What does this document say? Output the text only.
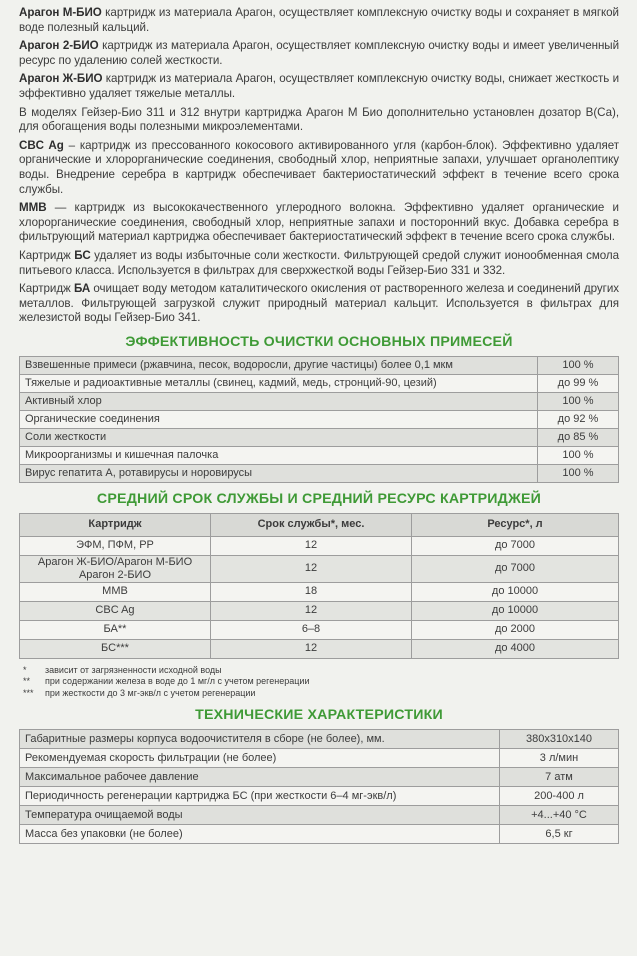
Арагон М-БИО картридж из материала Арагон, осуществляет комплексную очистку воды и сохраняет в мягкой воде полезный кальций.

Арагон 2-БИО картридж из материала Арагон, осуществляет комплексную очистку воды и имеет увеличенный ресурс по удалению солей жесткости.

Арагон Ж-БИО картридж из материала Арагон, осуществляет комплексную очистку воды, снижает жесткость и эффективно удаляет тяжелые металлы.

В моделях Гейзер-Био 311 и 312 внутри картриджа Арагон М Био дополнительно установлен дозатор В(Са), для обогащения воды полезными микроэлементами.

CBC Ag – картридж из прессованного кокосового активированного угля (карбон-блок). Эффективно удаляет органические и хлорорганические соединения, свободный хлор, неприятные запахи, улучшает органолептику воды. Внедрение серебра в картридж обеспечивает бактериостатический эффект в течение всего срока службы.

ММВ — картридж из высококачественного углеродного волокна. Эффективно удаляет органические и хлорорганические соединения, свободный хлор, неприятные запахи и посторонний вкус. Добавка серебра в фильтрующий материал картриджа обеспечивает бактериостатический эффект в течение всего срока службы.

Картридж БС удаляет из воды избыточные соли жесткости. Фильтрующей средой служит ионообменная смола питьевого класса. Используется в фильтрах для сверхжесткой воды Гейзер-Био 331 и 332.

Картридж БА очищает воду методом каталитического окисления от растворенного железа и соединений других металлов. Фильтрующей загрузкой служит природный материал кальцит. Используется в фильтрах для железистой воды Гейзер-Био 341.

ЭФФЕКТИВНОСТЬ ОЧИСТКИ ОСНОВНЫХ ПРИМЕСЕЙ
Взвешенные примеси (ржавчина, песок, водоросли, другие частицы) более 0,1 мкм	100 %
Тяжелые и радиоактивные металлы (свинец, кадмий, медь, стронций-90, цезий)	до 99 %
Активный хлор	100 %
Органические соединения	до 92 %
Соли жесткости	до 85 %
Микроорганизмы и кишечная палочка	100 %
Вирус гепатита А, ротавирусы и норовирусы	100 %
СРЕДНИЙ СРОК СЛУЖБЫ И СРЕДНИЙ РЕСУРС КАРТРИДЖЕЙ
Картридж	Срок службы*, мес.	Ресурс*, л
ЭФМ, ПФМ, РР	12	до 7000
Арагон Ж-БИО/Арагон М-БИО
Арагон 2-БИО	12	до 7000
ММВ	18	до 10000
CBC Ag	12	до 10000
БА**	6–8	до 2000
БС***	12	до 4000
*	зависит от загрязненности исходной воды
**	при содержании железа в воде до 1 мг/л с учетом регенерации
***	при жесткости до 3 мг-экв/л с учетом регенерации
ТЕХНИЧЕСКИЕ ХАРАКТЕРИСТИКИ
Габаритные размеры корпуса водоочистителя в сборе (не более), мм.	380x310x140
Рекомендуемая скорость фильтрации (не более)	3 л/мин
Максимальное рабочее давление	7 атм
Периодичность регенерации картриджа БС (при жесткости 6–4 мг-экв/л)	200-400 л
Температура очищаемой воды	+4...+40 °С
Масса без упаковки (не более)	6,5 кг
